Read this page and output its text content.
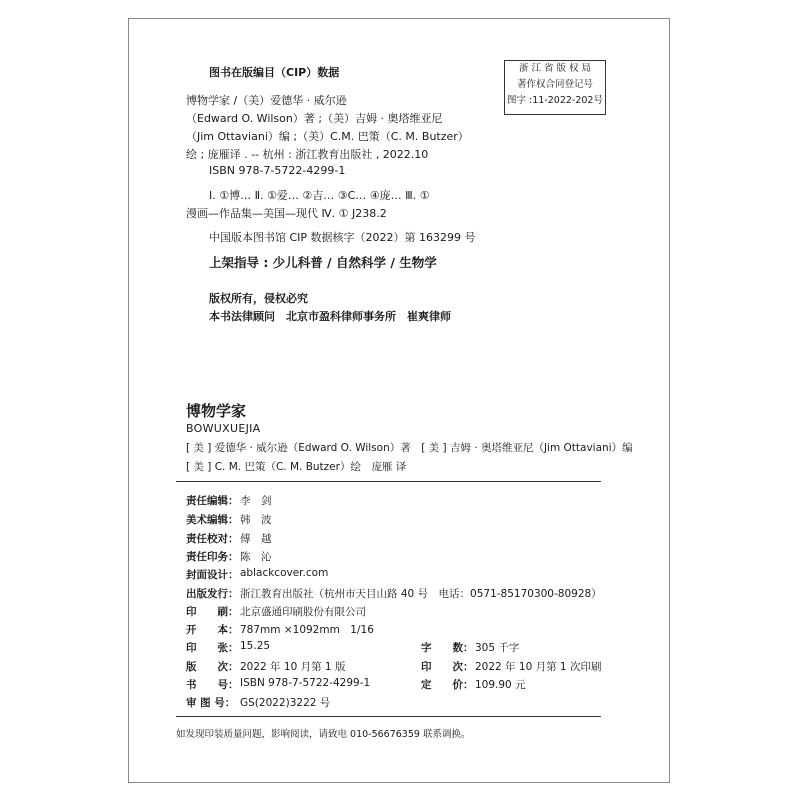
图书在版编目（CIP）数据
博物学家 /（美）爱德华 · 威尔逊
（Edward O. Wilson）著 ;（美）吉姆 · 奥塔维亚尼
（Jim Ottaviani）编 ;（美）C.M. 巴策（C. M. Butzer）
绘 ; 庞雁译 . -- 杭州 : 浙江教育出版社 , 2022.10
ISBN 978-7-5722-4299-1
Ⅰ. ①博… Ⅱ. ①爱… ②吉… ③C… ④庞… Ⅲ. ①
漫画—作品集—美国—现代 Ⅳ. ① J238.2
中国版本图书馆 CIP 数据核字（2022）第 163299 号
浙 江 省 版 权 局
著作权合同登记号
图字 :11-2022-202号
上架指导 : 少儿科普 / 自然科学 / 生物学
版权所有，侵权必究
本书法律顾问　北京市盈科律师事务所　崔爽律师
博物学家
BOWUXUEJIA
[ 美 ] 爱德华 · 威尔逊（Edward O. Wilson）著　[ 美 ] 吉姆 · 奥塔维亚尼（Jim Ottaviani）编
[ 美 ] C. M. 巴策（C. M. Butzer）绘　庞雁 译
责任编辑： 李　剑
美术编辑： 韩　波
责任校对： 傅　越
责任印务： 陈　沁
封面设计： ablackcover.com
出版发行： 浙江教育出版社（杭州市天目山路 40 号　电话：0571-85170300-80928）
印　　刷： 北京盛通印刷股份有限公司
开　　本： 787mm ×1092mm　1/16
印　　张： 15.25	字　　数： 305 千字
版　　次： 2022 年 10 月第 1 版	印　　次： 2022 年 10 月第 1 次印刷
书　　号： ISBN 978-7-5722-4299-1	定　　价： 109.90 元
审 图 号： GS(2022)3222 号
如发现印装质量问题，影响阅读，请致电 010-56676359 联系调换。
